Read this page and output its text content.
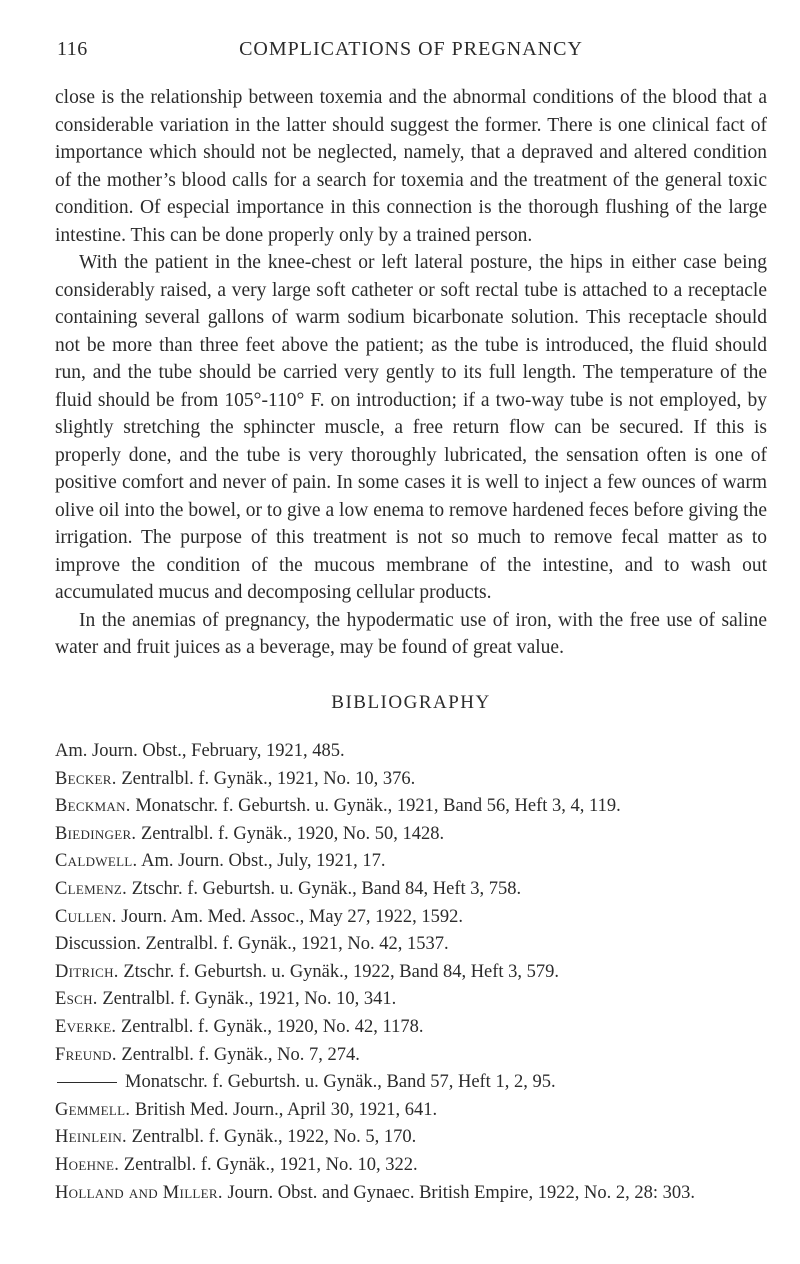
116	COMPLICATIONS OF PREGNANCY

close is the relationship between toxemia and the abnormal conditions of the blood that a considerable variation in the latter should suggest the former. There is one clinical fact of importance which should not be neglected, namely, that a depraved and altered condition of the mother’s blood calls for a search for toxemia and the treatment of the general toxic condition. Of especial importance in this connection is the thorough flushing of the large intestine. This can be done properly only by a trained person.

With the patient in the knee-chest or left lateral posture, the hips in either case being considerably raised, a very large soft catheter or soft rectal tube is attached to a receptacle containing several gallons of warm sodium bicarbonate solution. This receptacle should not be more than three feet above the patient; as the tube is introduced, the fluid should run, and the tube should be carried very gently to its full length. The temperature of the fluid should be from 105°-110° F. on introduction; if a two-way tube is not employed, by slightly stretching the sphincter muscle, a free return flow can be secured. If this is properly done, and the tube is very thoroughly lubricated, the sensation often is one of positive comfort and never of pain. In some cases it is well to inject a few ounces of warm olive oil into the bowel, or to give a low enema to remove hardened feces before giving the irrigation. The purpose of this treatment is not so much to remove fecal matter as to improve the condition of the mucous membrane of the intestine, and to wash out accumulated mucus and decomposing cellular products.

In the anemias of pregnancy, the hypodermatic use of iron, with the free use of saline water and fruit juices as a beverage, may be found of great value.

BIBLIOGRAPHY
Am. Journ. Obst., February, 1921, 485.
Becker. Zentralbl. f. Gynäk., 1921, No. 10, 376.
Beckman. Monatschr. f. Geburtsh. u. Gynäk., 1921, Band 56, Heft 3, 4, 119.
Biedinger. Zentralbl. f. Gynäk., 1920, No. 50, 1428.
Caldwell. Am. Journ. Obst., July, 1921, 17.
Clemenz. Ztschr. f. Geburtsh. u. Gynäk., Band 84, Heft 3, 758.
Cullen. Journ. Am. Med. Assoc., May 27, 1922, 1592.
Discussion. Zentralbl. f. Gynäk., 1921, No. 42, 1537.
Ditrich. Ztschr. f. Geburtsh. u. Gynäk., 1922, Band 84, Heft 3, 579.
Esch. Zentralbl. f. Gynäk., 1921, No. 10, 341.
Everke. Zentralbl. f. Gynäk., 1920, No. 42, 1178.
Freund. Zentralbl. f. Gynäk., No. 7, 274.
Monatschr. f. Geburtsh. u. Gynäk., Band 57, Heft 1, 2, 95.
Gemmell. British Med. Journ., April 30, 1921, 641.
Heinlein. Zentralbl. f. Gynäk., 1922, No. 5, 170.
Hoehne. Zentralbl. f. Gynäk., 1921, No. 10, 322.
Holland and Miller. Journ. Obst. and Gynaec. British Empire, 1922, No. 2, 28: 303.
